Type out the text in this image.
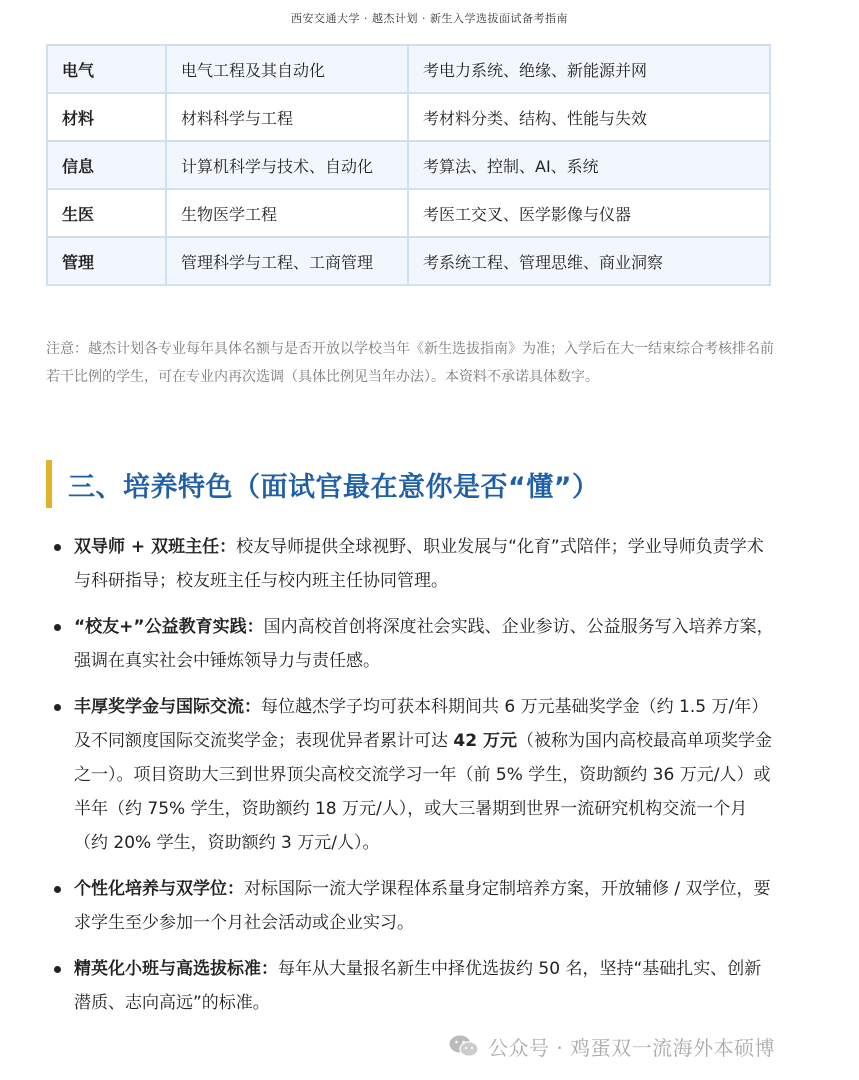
西安交通大学 · 越杰计划 · 新生入学选拔面试备考指南
电气	电气工程及其自动化	考电力系统、绝缘、新能源并网
材料	材料科学与工程	考材料分类、结构、性能与失效
信息	计算机科学与技术、自动化	考算法、控制、AI、系统
生医	生物医学工程	考医工交叉、医学影像与仪器
管理	管理科学与工程、工商管理	考系统工程、管理思维、商业洞察
注意：越杰计划各专业每年具体名额与是否开放以学校当年《新生选拔指南》为准；入学后在大一结束综合考核排名前若干比例的学生，可在专业内再次选调（具体比例见当年办法）。本资料不承诺具体数字。
三、培养特色（面试官最在意你是否“懂”）
双导师 + 双班主任：校友导师提供全球视野、职业发展与“化育”式陪伴；学业导师负责学术与科研指导；校友班主任与校内班主任协同管理。
“校友+”公益教育实践：国内高校首创将深度社会实践、企业参访、公益服务写入培养方案，强调在真实社会中锤炼领导力与责任感。
丰厚奖学金与国际交流：每位越杰学子均可获本科期间共 6 万元基础奖学金（约 1.5 万/年）及不同额度国际交流奖学金；表现优异者累计可达 42 万元（被称为国内高校最高单项奖学金之一）。项目资助大三到世界顶尖高校交流学习一年（前 5% 学生，资助额约 36 万元/人）或半年（约 75% 学生，资助额约 18 万元/人），或大三暑期到世界一流研究机构交流一个月（约 20% 学生，资助额约 3 万元/人）。
个性化培养与双学位：对标国际一流大学课程体系量身定制培养方案，开放辅修 / 双学位，要求学生至少参加一个月社会活动或企业实习。
精英化小班与高选拔标准：每年从大量报名新生中择优选拔约 50 名，坚持“基础扎实、创新潜质、志向高远”的标准。
公众号 · 鸡蛋双一流海外本硕博
